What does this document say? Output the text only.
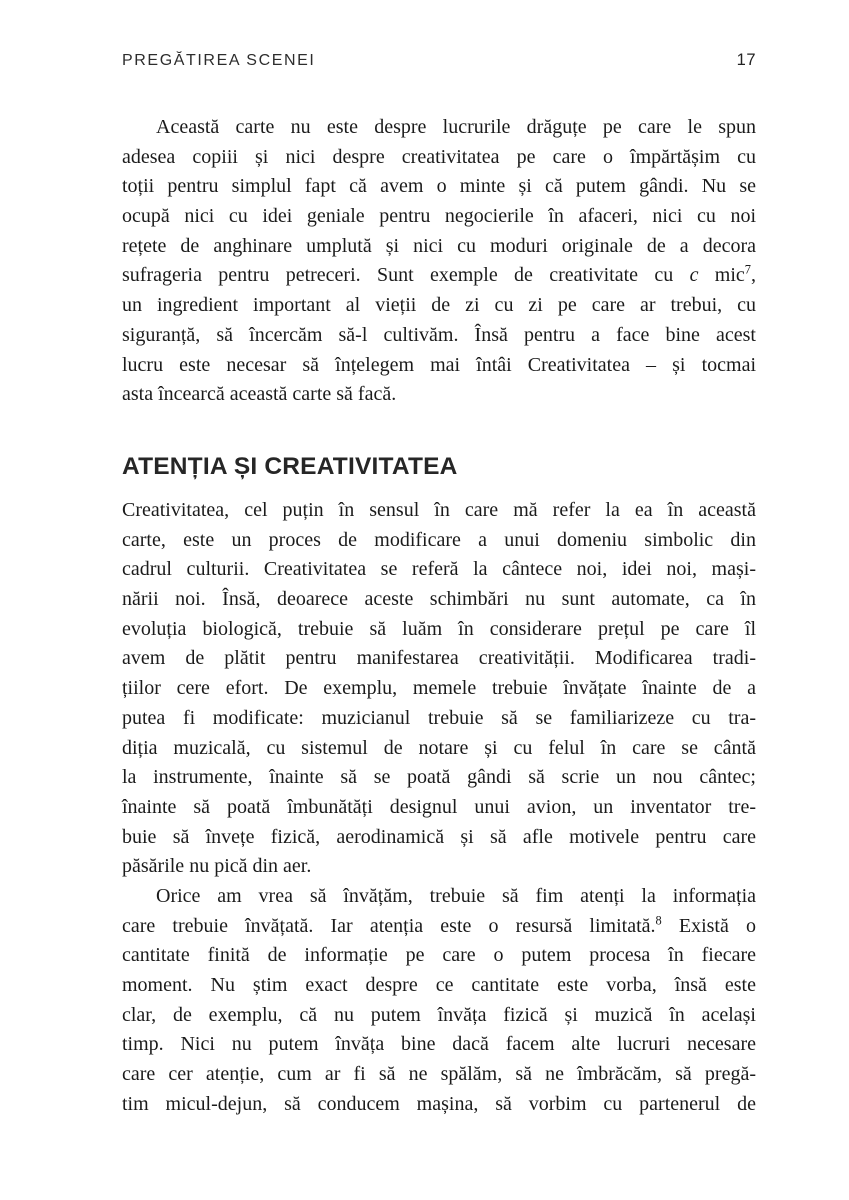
PREGĂTIREA SCENEI	17
Această carte nu este despre lucrurile drăguțe pe care le spun
adesea copiii și nici despre creativitatea pe care o împărtășim cu
toții pentru simplul fapt că avem o minte și că putem gândi. Nu se
ocupă nici cu idei geniale pentru negocierile în afaceri, nici cu noi
rețete de anghinare umplută și nici cu moduri originale de a decora
sufrageria pentru petreceri. Sunt exemple de creativitate cu c mic$^7$,
un ingredient important al vieții de zi cu zi pe care ar trebui, cu
siguranță, să încercăm să-l cultivăm. Însă pentru a face bine acest
lucru este necesar să înțelegem mai întâi Creativitatea – și tocmai
asta încearcă această carte să facă.
ATENȚIA ȘI CREATIVITATEA
Creativitatea, cel puțin în sensul în care mă refer la ea în această
carte, este un proces de modificare a unui domeniu simbolic din
cadrul culturii. Creativitatea se referă la cântece noi, idei noi, mași-
nării noi. Însă, deoarece aceste schimbări nu sunt automate, ca în
evoluția biologică, trebuie să luăm în considerare prețul pe care îl
avem de plătit pentru manifestarea creativității. Modificarea tradi-
țiilor cere efort. De exemplu, memele trebuie învățate înainte de a
putea fi modificate: muzicianul trebuie să se familiarizeze cu tra-
diția muzicală, cu sistemul de notare și cu felul în care se cântă
la instrumente, înainte să se poată gândi să scrie un nou cântec;
înainte să poată îmbunătăți designul unui avion, un inventator tre-
buie să învețe fizică, aerodinamică și să afle motivele pentru care
păsările nu pică din aer.
Orice am vrea să învățăm, trebuie să fim atenți la informația
care trebuie învățată. Iar atenția este o resursă limitată.$^8$ Există o
cantitate finită de informație pe care o putem procesa în fiecare
moment. Nu știm exact despre ce cantitate este vorba, însă este
clar, de exemplu, că nu putem învăța fizică și muzică în același
timp. Nici nu putem învăța bine dacă facem alte lucruri necesare
care cer atenție, cum ar fi să ne spălăm, să ne îmbrăcăm, să pregă-
tim micul-dejun, să conducem mașina, să vorbim cu partenerul de
